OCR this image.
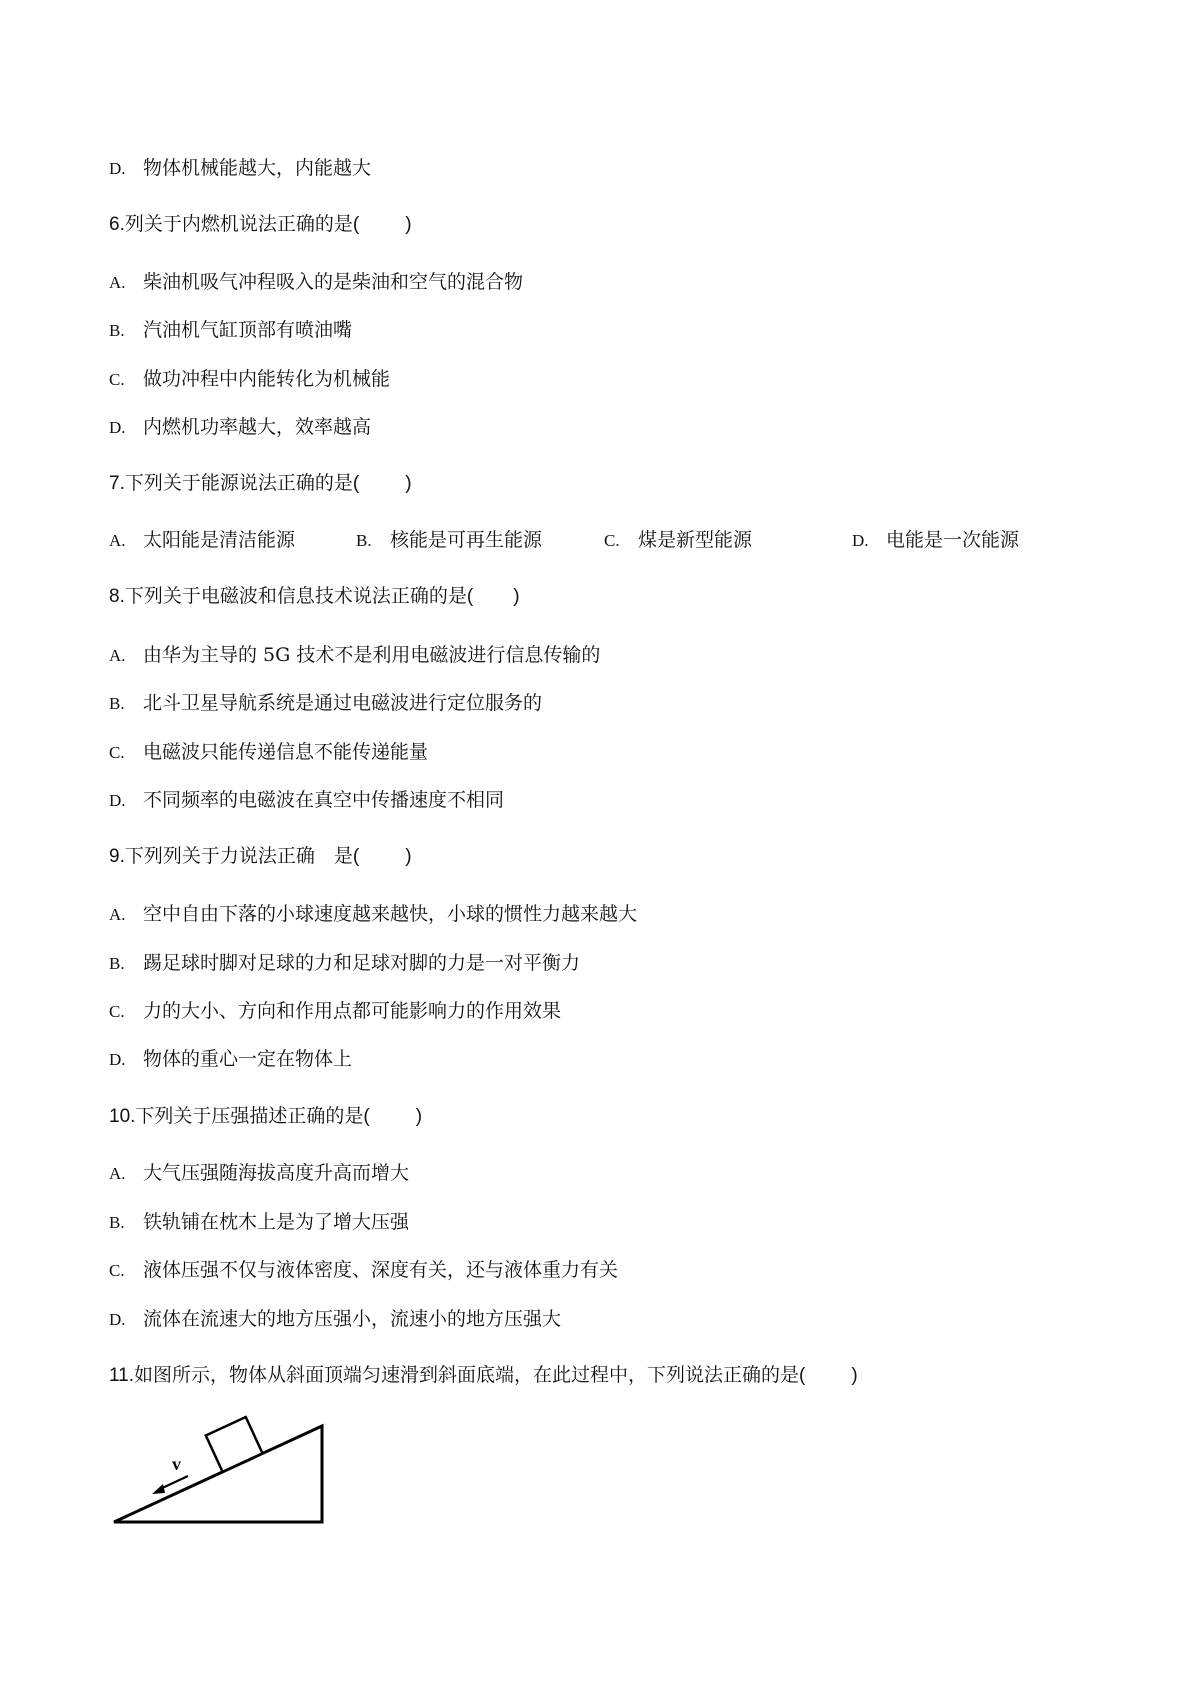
D. 物体机械能越大，内能越大
6.列关于内燃机说法正确的是( )
A. 柴油机吸气冲程吸入的是柴油和空气的混合物
B. 汽油机气缸顶部有喷油嘴
C. 做功冲程中内能转化为机械能
D. 内燃机功率越大，效率越高
7.下列关于能源说法正确的是( )
A. 太阳能是清洁能源	B. 核能是可再生能源	C. 煤是新型能源	D. 电能是一次能源
8.下列关于电磁波和信息技术说法正确的是( )
A. 由华为主导的 5G 技术不是利用电磁波进行信息传输的
B. 北斗卫星导航系统是通过电磁波进行定位服务的
C. 电磁波只能传递信息不能传递能量
D. 不同频率的电磁波在真空中传播速度不相同
9.下列列关于力说法正确　是( )
A. 空中自由下落的小球速度越来越快，小球的惯性力越来越大
B. 踢足球时脚对足球的力和足球对脚的力是一对平衡力
C. 力的大小、方向和作用点都可能影响力的作用效果
D. 物体的重心一定在物体上
10.下列关于压强描述正确的是( )
A. 大气压强随海拔高度升高而增大
B. 铁轨铺在枕木上是为了增大压强
C. 液体压强不仅与液体密度、深度有关，还与液体重力有关
D. 流体在流速大的地方压强小，流速小的地方压强大
11.如图所示，物体从斜面顶端匀速滑到斜面底端，在此过程中，下列说法正确的是( )
v
